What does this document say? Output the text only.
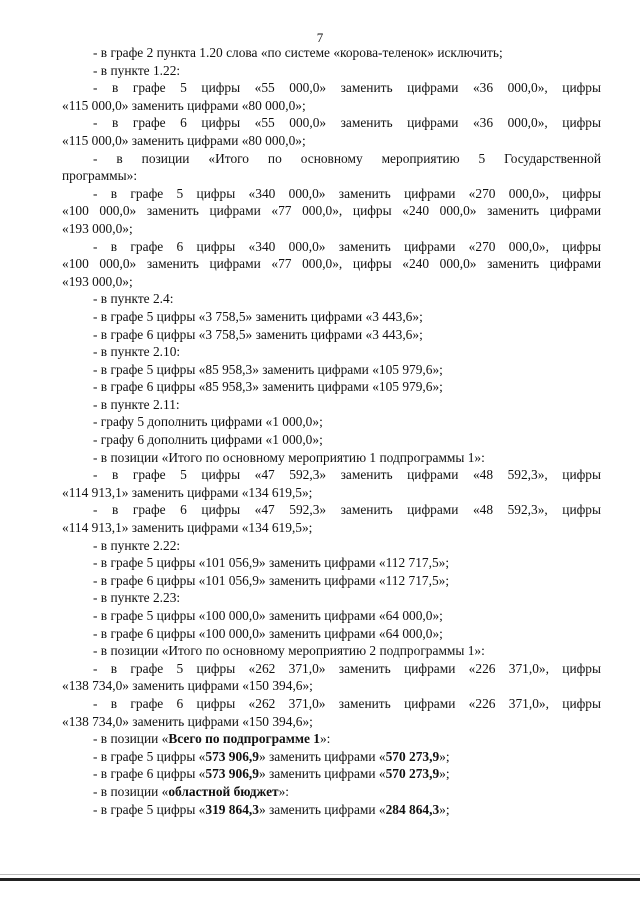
7

- в графе 2 пункта 1.20 слова «по системе «корова-теленок» исключить;

- в пункте 1.22:

- в графе 5 цифры «55 000,0» заменить цифрами «36 000,0», цифры

«115 000,0» заменить цифрами «80 000,0»;

- в графе 6 цифры «55 000,0» заменить цифрами «36 000,0», цифры

«115 000,0» заменить цифрами «80 000,0»;

- в позиции «Итого по основному мероприятию 5 Государственной

программы»:

- в графе 5 цифры «340 000,0» заменить цифрами «270 000,0», цифры

«100 000,0» заменить цифрами «77 000,0», цифры «240 000,0» заменить цифрами

«193 000,0»;

- в графе 6 цифры «340 000,0» заменить цифрами «270 000,0», цифры

«100 000,0» заменить цифрами «77 000,0», цифры «240 000,0» заменить цифрами

«193 000,0»;

- в пункте 2.4:

- в графе 5 цифры «3 758,5» заменить цифрами «3 443,6»;

- в графе 6 цифры «3 758,5» заменить цифрами «3 443,6»;

- в пункте 2.10:

- в графе 5 цифры «85 958,3» заменить цифрами «105 979,6»;

- в графе 6 цифры «85 958,3» заменить цифрами «105 979,6»;

- в пункте 2.11:

- графу 5 дополнить цифрами «1 000,0»;

- графу 6 дополнить цифрами «1 000,0»;

- в позиции «Итого по основному мероприятию 1 подпрограммы 1»:

- в графе 5 цифры «47 592,3» заменить цифрами «48 592,3», цифры

«114 913,1» заменить цифрами «134 619,5»;

- в графе 6 цифры «47 592,3» заменить цифрами «48 592,3», цифры

«114 913,1» заменить цифрами «134 619,5»;

- в пункте 2.22:

- в графе 5 цифры «101 056,9» заменить цифрами «112 717,5»;

- в графе 6 цифры «101 056,9» заменить цифрами «112 717,5»;

- в пункте 2.23:

- в графе 5 цифры «100 000,0» заменить цифрами «64 000,0»;

- в графе 6 цифры «100 000,0» заменить цифрами «64 000,0»;

- в позиции «Итого по основному мероприятию 2 подпрограммы 1»:

- в графе 5 цифры «262 371,0» заменить цифрами «226 371,0», цифры

«138 734,0» заменить цифрами «150 394,6»;

- в графе 6 цифры «262 371,0» заменить цифрами «226 371,0», цифры

«138 734,0» заменить цифрами «150 394,6»;

- в позиции «Всего по подпрограмме 1»:

- в графе 5 цифры «573 906,9» заменить цифрами «570 273,9»;

- в графе 6 цифры «573 906,9» заменить цифрами «570 273,9»;

- в позиции «областной бюджет»:

- в графе 5 цифры «319 864,3» заменить цифрами «284 864,3»;
